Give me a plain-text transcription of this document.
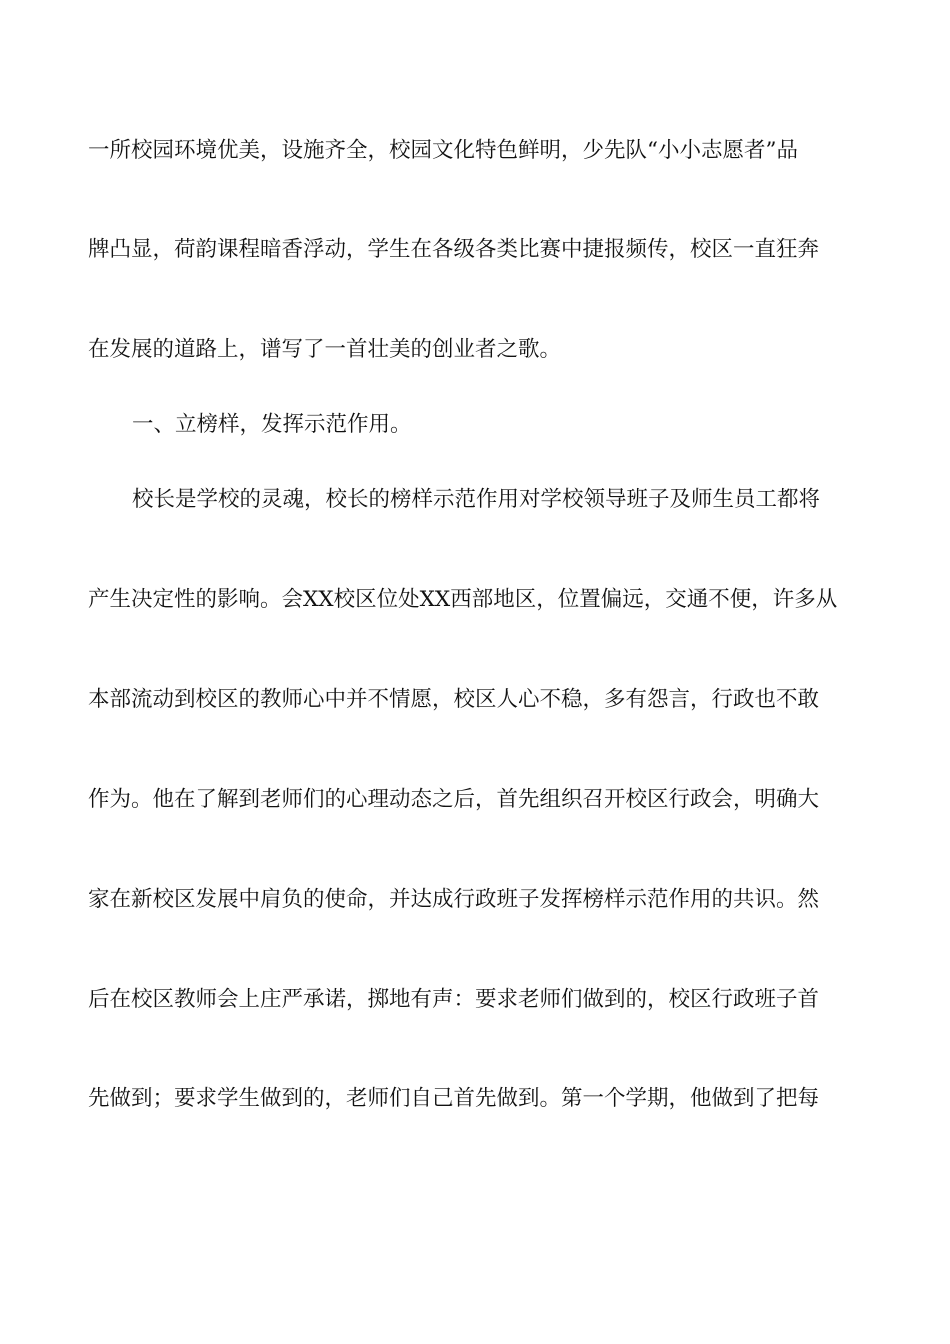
一所校园环境优美，设施齐全，校园文化特色鲜明，少先队“小小志愿者”品
牌凸显，荷韵课程暗香浮动，学生在各级各类比赛中捷报频传，校区一直狂奔
在发展的道路上，谱写了一首壮美的创业者之歌。
一、立榜样，发挥示范作用。
校长是学校的灵魂，校长的榜样示范作用对学校领导班子及师生员工都将
产生决定性的影响。会XX校区位处XX西部地区，位置偏远，交通不便，许多从
本部流动到校区的教师心中并不情愿，校区人心不稳，多有怨言，行政也不敢
作为。他在了解到老师们的心理动态之后，首先组织召开校区行政会，明确大
家在新校区发展中肩负的使命，并达成行政班子发挥榜样示范作用的共识。然
后在校区教师会上庄严承诺，掷地有声：要求老师们做到的，校区行政班子首
先做到；要求学生做到的，老师们自己首先做到。第一个学期，他做到了把每
